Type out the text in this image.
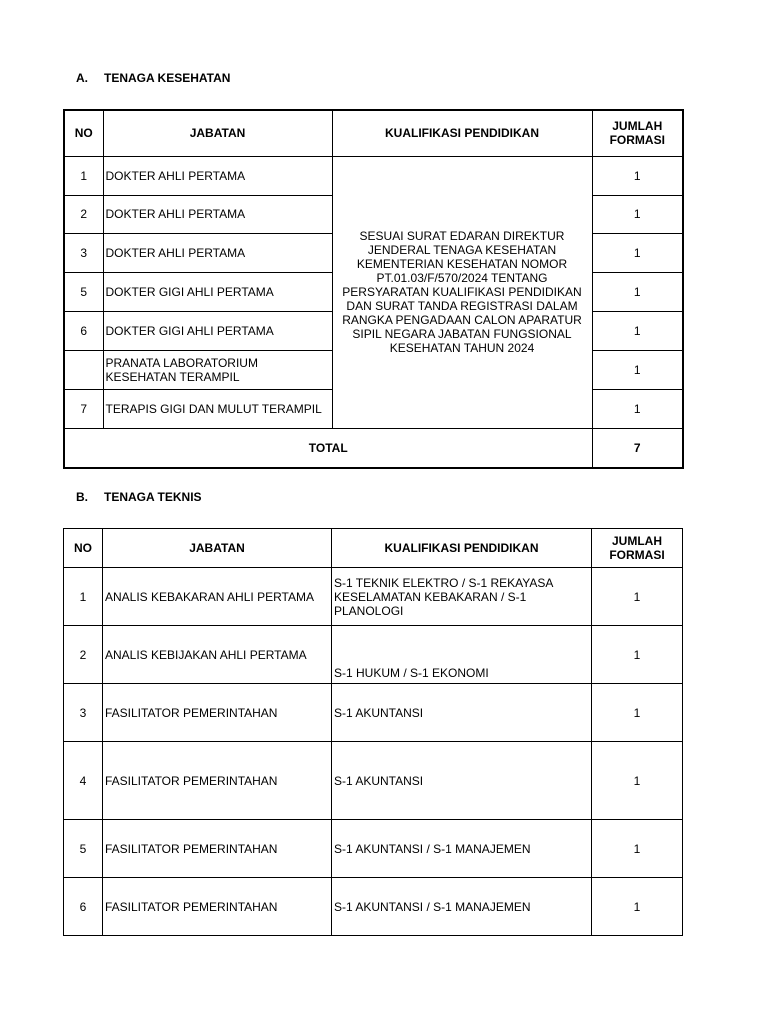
A. TENAGA KESEHATAN

NO	JABATAN	KUALIFIKASI PENDIDIKAN	JUMLAH
FORMASI
1	DOKTER AHLI PERTAMA	SESUAI SURAT EDARAN DIREKTUR JENDERAL TENAGA KESEHATAN KEMENTERIAN KESEHATAN NOMOR PT.01.03/F/570/2024 TENTANG PERSYARATAN KUALIFIKASI PENDIDIKAN DAN SURAT TANDA REGISTRASI DALAM RANGKA PENGADAAN CALON APARATUR SIPIL NEGARA JABATAN FUNGSIONAL KESEHATAN TAHUN 2024	1
2	DOKTER AHLI PERTAMA		1
3	DOKTER AHLI PERTAMA		1
5	DOKTER GIGI AHLI PERTAMA		1
6	DOKTER GIGI AHLI PERTAMA		1
	PRANATA LABORATORIUM KESEHATAN TERAMPIL		1
7	TERAPIS GIGI DAN MULUT TERAMPIL		1
TOTAL			7

B. TENAGA TEKNIS

NO	JABATAN	KUALIFIKASI PENDIDIKAN	JUMLAH
FORMASI
1	ANALIS KEBAKARAN AHLI PERTAMA	S-1 TEKNIK ELEKTRO / S-1 REKAYASA KESELAMATAN KEBAKARAN / S-1 PLANOLOGI	1
2	ANALIS KEBIJAKAN AHLI PERTAMA	S-1 HUKUM / S-1 EKONOMI	1
3	FASILITATOR PEMERINTAHAN	S-1 AKUNTANSI	1
4	FASILITATOR PEMERINTAHAN	S-1 AKUNTANSI	1
5	FASILITATOR PEMERINTAHAN	S-1 AKUNTANSI / S-1 MANAJEMEN	1
6	FASILITATOR PEMERINTAHAN	S-1 AKUNTANSI / S-1 MANAJEMEN	1
